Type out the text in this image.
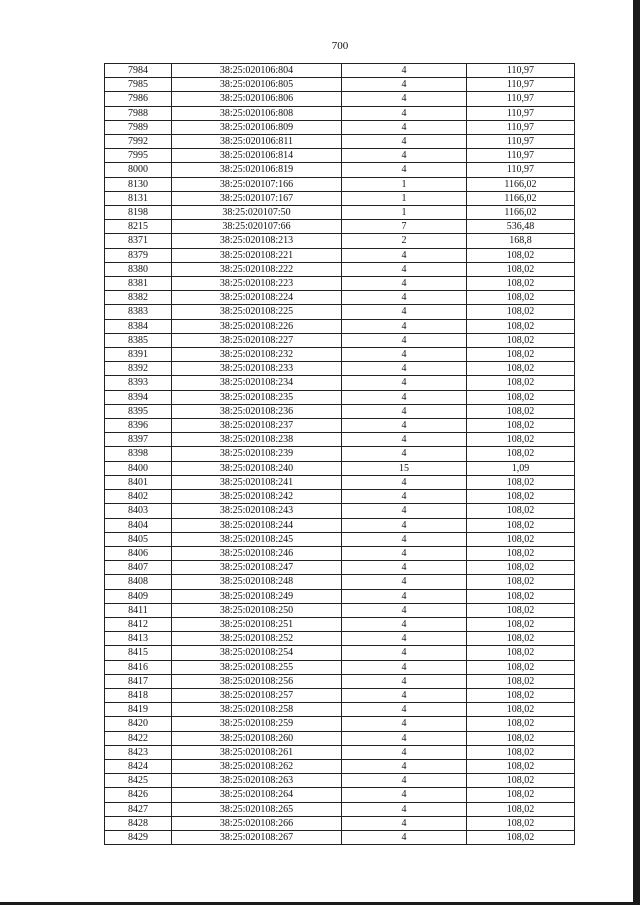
700
7984	38:25:020106:804	4	110,97
7985	38:25:020106:805	4	110,97
7986	38:25:020106:806	4	110,97
7988	38:25:020106:808	4	110,97
7989	38:25:020106:809	4	110,97
7992	38:25:020106:811	4	110,97
7995	38:25:020106:814	4	110,97
8000	38:25:020106:819	4	110,97
8130	38:25:020107:166	1	1166,02
8131	38:25:020107:167	1	1166,02
8198	38:25:020107:50	1	1166,02
8215	38:25:020107:66	7	536,48
8371	38:25:020108:213	2	168,8
8379	38:25:020108:221	4	108,02
8380	38:25:020108:222	4	108,02
8381	38:25:020108:223	4	108,02
8382	38:25:020108:224	4	108,02
8383	38:25:020108:225	4	108,02
8384	38:25:020108:226	4	108,02
8385	38:25:020108:227	4	108,02
8391	38:25:020108:232	4	108,02
8392	38:25:020108:233	4	108,02
8393	38:25:020108:234	4	108,02
8394	38:25:020108:235	4	108,02
8395	38:25:020108:236	4	108,02
8396	38:25:020108:237	4	108,02
8397	38:25:020108:238	4	108,02
8398	38:25:020108:239	4	108,02
8400	38:25:020108:240	15	1,09
8401	38:25:020108:241	4	108,02
8402	38:25:020108:242	4	108,02
8403	38:25:020108:243	4	108,02
8404	38:25:020108:244	4	108,02
8405	38:25:020108:245	4	108,02
8406	38:25:020108:246	4	108,02
8407	38:25:020108:247	4	108,02
8408	38:25:020108:248	4	108,02
8409	38:25:020108:249	4	108,02
8411	38:25:020108:250	4	108,02
8412	38:25:020108:251	4	108,02
8413	38:25:020108:252	4	108,02
8415	38:25:020108:254	4	108,02
8416	38:25:020108:255	4	108,02
8417	38:25:020108:256	4	108,02
8418	38:25:020108:257	4	108,02
8419	38:25:020108:258	4	108,02
8420	38:25:020108:259	4	108,02
8422	38:25:020108:260	4	108,02
8423	38:25:020108:261	4	108,02
8424	38:25:020108:262	4	108,02
8425	38:25:020108:263	4	108,02
8426	38:25:020108:264	4	108,02
8427	38:25:020108:265	4	108,02
8428	38:25:020108:266	4	108,02
8429	38:25:020108:267	4	108,02
